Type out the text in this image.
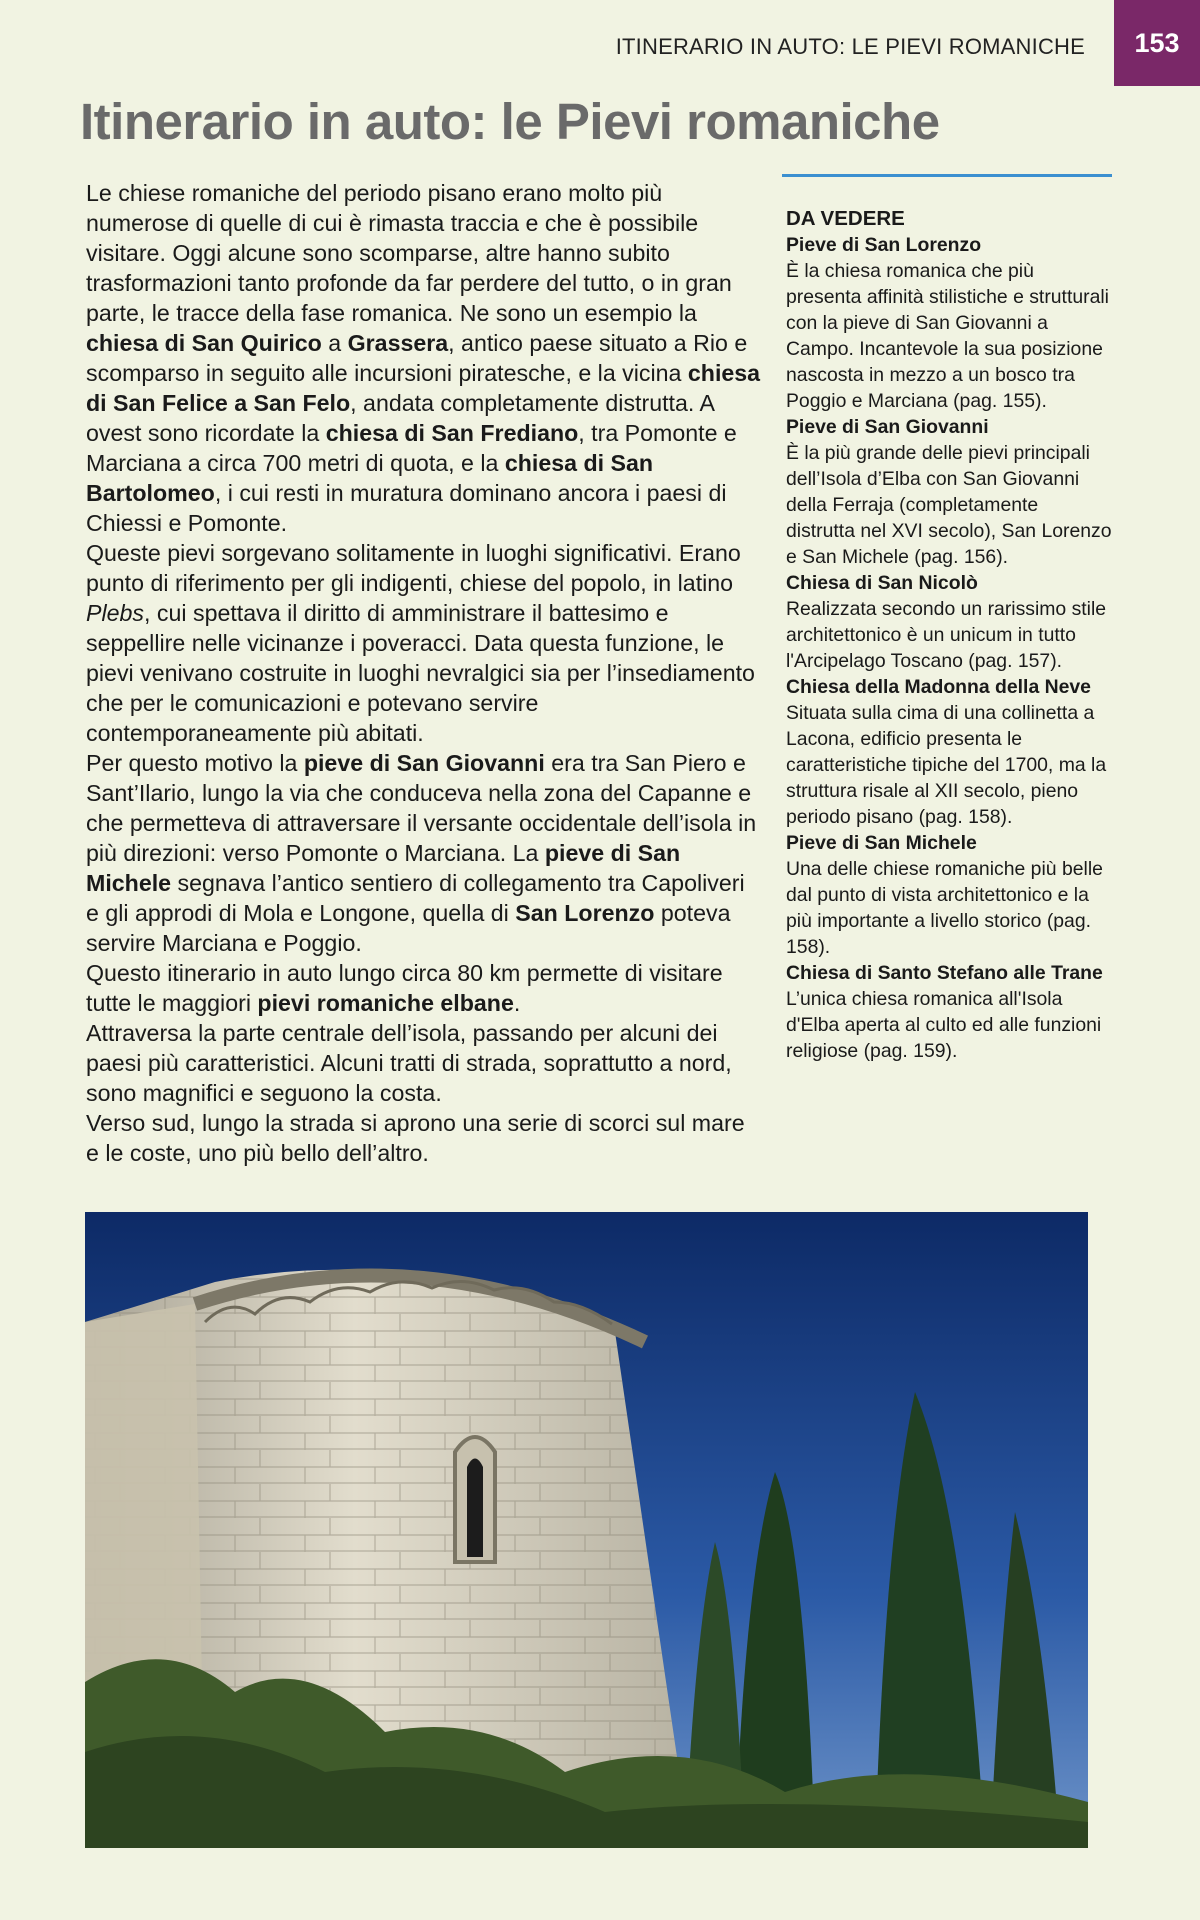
ITINERARIO IN AUTO: LE PIEVI ROMANICHE	153
Itinerario in auto: le Pievi romaniche

Le chiese romaniche del periodo pisano erano molto più numerose di quelle di cui è rimasta traccia e che è possibile visitare. Oggi alcune sono scomparse, altre hanno subito trasformazioni tanto profonde da far perdere del tutto, o in gran parte, le tracce della fase romanica. Ne sono un esempio la chiesa di San Quirico a Grassera, antico paese situato a Rio e scomparso in seguito alle incursioni piratesche, e la vicina chiesa di San Felice a San Felo, andata completamente distrutta. A ovest sono ricordate la chiesa di San Frediano, tra Pomonte e Marciana a circa 700 metri di quota, e la chiesa di San Bartolomeo, i cui resti in muratura dominano ancora i paesi di Chiessi e Pomonte.

Queste pievi sorgevano solitamente in luoghi significativi. Erano punto di riferimento per gli indigenti, chiese del popolo, in latino Plebs, cui spettava il diritto di amministrare il battesimo e seppellire nelle vicinanze i poveracci. Data questa funzione, le pievi venivano costruite in luoghi nevralgici sia per l’insediamento che per le comunicazioni e potevano servire contemporaneamente più abitati.

Per questo motivo la pieve di San Giovanni era tra San Piero e Sant’Ilario, lungo la via che conduceva nella zona del Capanne e che permetteva di attraversare il versante occidentale dell’isola in più direzioni: verso Pomonte o Marciana. La pieve di San Michele segnava l’antico sentiero di collegamento tra Capoliveri e gli approdi di Mola e Longone, quella di San Lorenzo poteva servire Marciana e Poggio.

Questo itinerario in auto lungo circa 80 km permette di visitare tutte le maggiori pievi romaniche elbane.

Attraversa la parte centrale dell’isola, passando per alcuni dei paesi più caratteristici. Alcuni tratti di strada, soprattutto a nord, sono magnifici e seguono la costa.

Verso sud, lungo la strada si aprono una serie di scorci sul mare e le coste, uno più bello dell’altro.

DA VEDERE
Pieve di San Lorenzo

È la chiesa romanica che più presenta affinità stilistiche e strutturali con la pieve di San Giovanni a Campo. Incantevole la sua posizione nascosta in mezzo a un bosco tra Poggio e Marciana (pag. 155).

Pieve di San Giovanni

È la più grande delle pievi principali dell’Isola d’Elba con San Giovanni della Ferraja (completamente distrutta nel XVI secolo), San Lorenzo e San Michele (pag. 156).

Chiesa di San Nicolò

Realizzata secondo un rarissimo stile architettonico è un unicum in tutto l'Arcipelago Toscano (pag. 157).

Chiesa della Madonna della Neve

Situata sulla cima di una collinetta a Lacona, edificio presenta le caratteristiche tipiche del 1700, ma la struttura risale al XII secolo, pieno periodo pisano (pag. 158).

Pieve di San Michele

Una delle chiese romaniche più belle dal punto di vista architettonico e la più importante a livello storico (pag. 158).

Chiesa di Santo Stefano alle Trane

L’unica chiesa romanica all'Isola d'Elba aperta al culto ed alle funzioni religiose (pag. 159).
